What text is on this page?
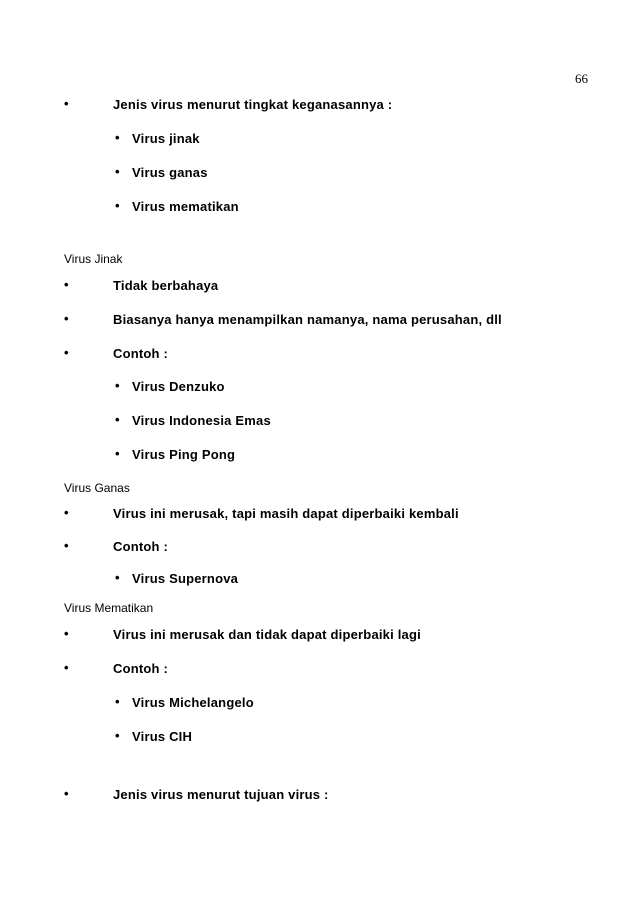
66
•	Jenis virus menurut tingkat keganasannya :
• Virus jinak
• Virus ganas
• Virus mematikan
Virus Jinak
•	Tidak berbahaya
•	Biasanya hanya menampilkan namanya, nama perusahan, dll
•	Contoh :
• Virus Denzuko
• Virus Indonesia Emas
• Virus Ping Pong
Virus Ganas
•	Virus ini merusak, tapi masih dapat diperbaiki kembali
•	Contoh :
• Virus Supernova
Virus Mematikan
•	Virus ini merusak dan tidak dapat diperbaiki lagi
•	Contoh :
• Virus Michelangelo
• Virus CIH
•	Jenis virus menurut tujuan virus :
